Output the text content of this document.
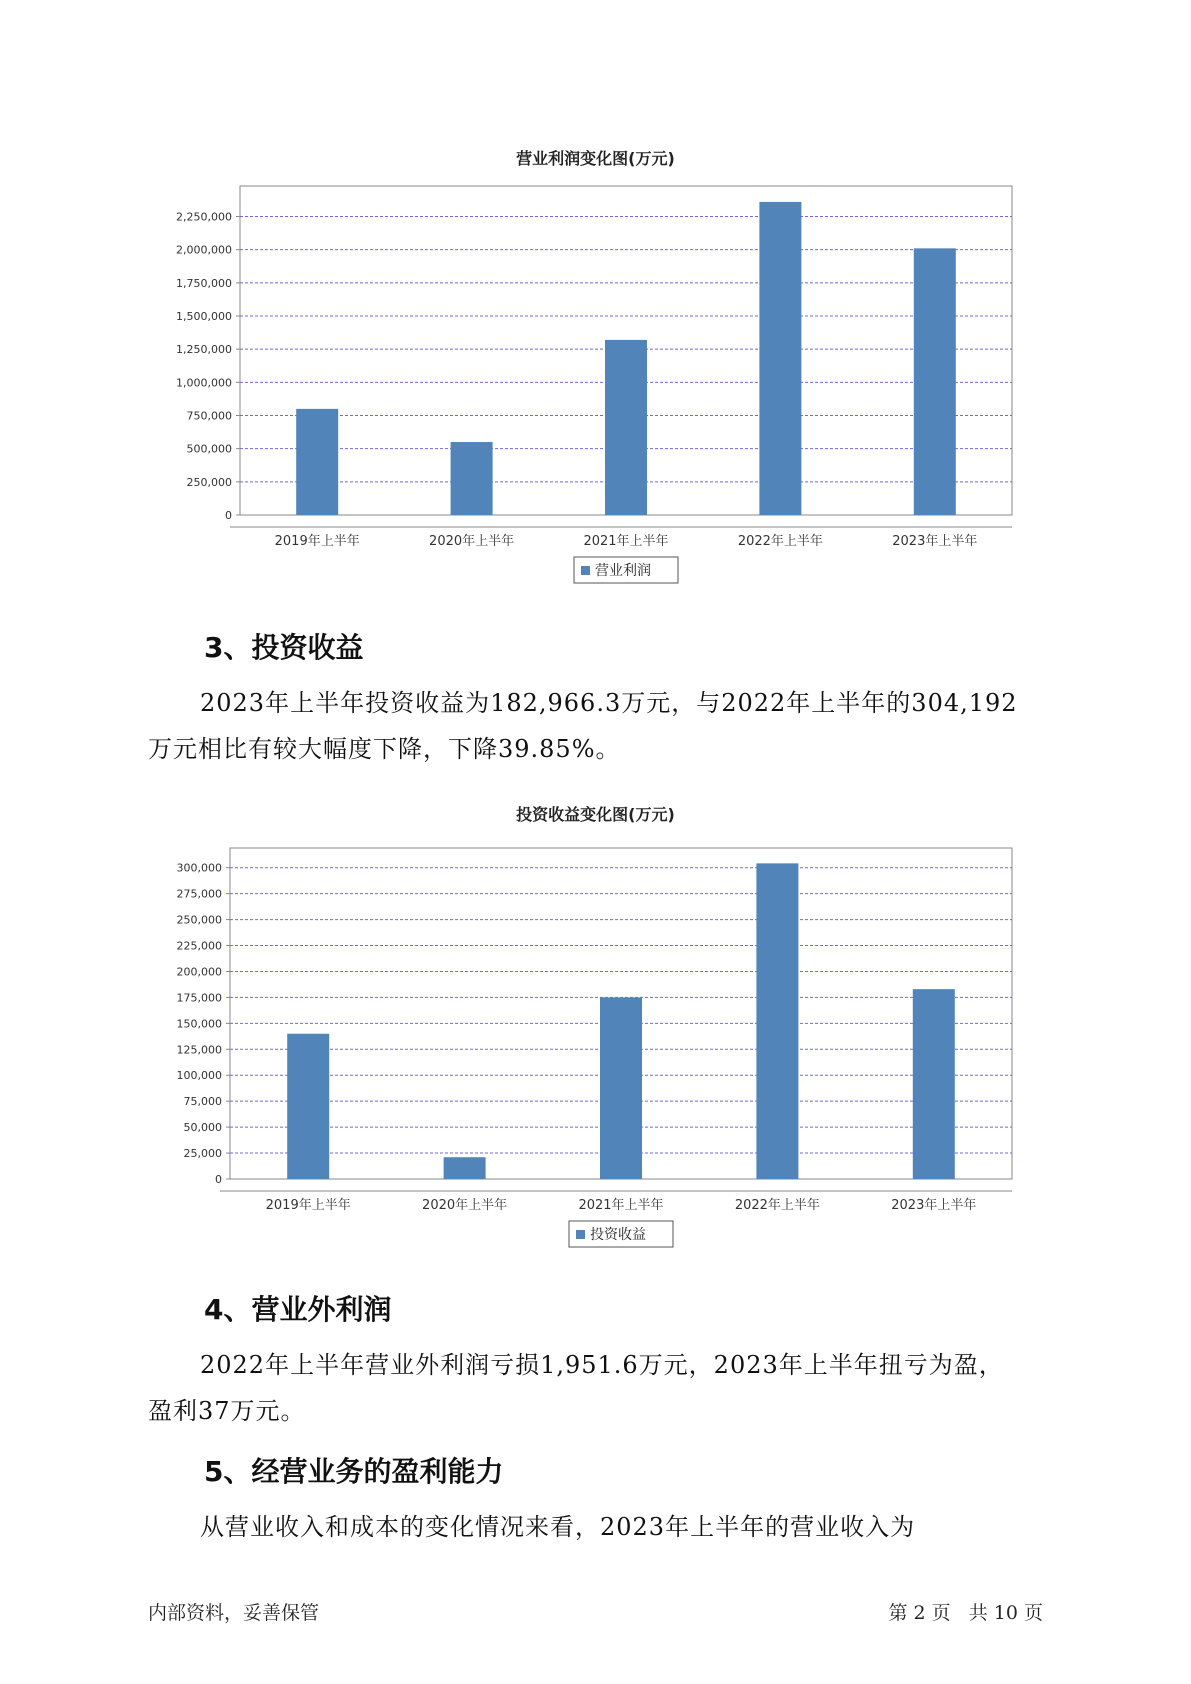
营业利润变化图(万元)
0
250,000
500,000
750,000
1,000,000
1,250,000
1,500,000
1,750,000
2,000,000
2,250,000
2019年上半年	2020年上半年	2021年上半年	2022年上半年	2023年上半年
营业利润
3、投资收益

2023年上半年投资收益为182,966.3万元，与2022年上半年的304,192
万元相比有较大幅度下降，下降39.85%。

投资收益变化图(万元)
0
25,000
50,000
75,000
100,000
125,000
150,000
175,000
200,000
225,000
250,000
275,000
300,000
2019年上半年	2020年上半年	2021年上半年	2022年上半年	2023年上半年
投资收益
4、营业外利润

2022年上半年营业外利润亏损1,951.6万元，2023年上半年扭亏为盈，
盈利37万元。

5、经营业务的盈利能力

从营业收入和成本的变化情况来看，2023年上半年的营业收入为

内部资料，妥善保管	第 2 页   共 10 页
